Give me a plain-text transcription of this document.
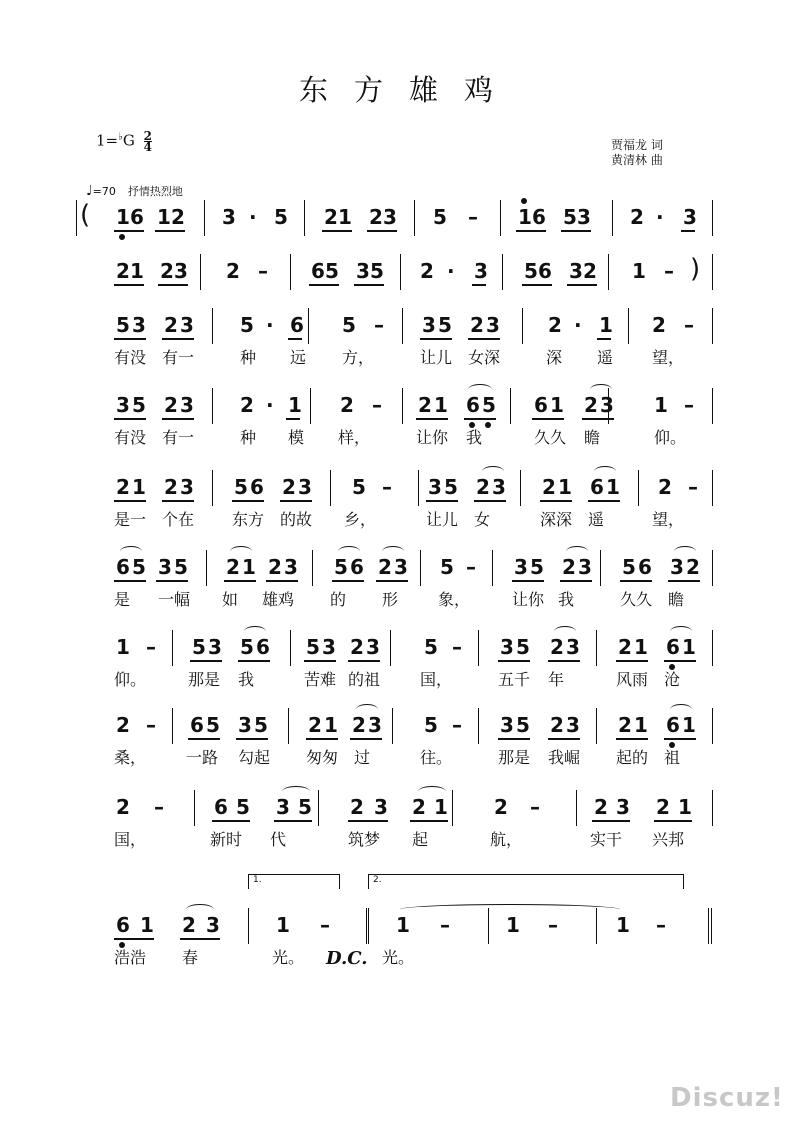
东方雄鸡
$1=^♭G \frac{2}{4}$	贾福龙 词
黄清林 曲
♩=70 抒情热烈地
( 1 6 1 2 3 · 5 2 1 2 3 5 – 1 6 5 3 2 · 3
)
2 1 2 3 2 – 6 5 3 5 2 · 3 5 6 3 2 1 –
5 3 2 3 5 · 6 5 – 3 5 2 3 2 · 1 2 –
有没 有一	种 远 方，	让儿 女深	深 遥 望，
3 5 2 3 2 · 1 2 – 2 1 6 5 6 1 2 3 1 –
有没 有一	种 模 样，	让你 我	久久 瞻	仰。
2 1 2 3 5 6 2 3 5 – 3 5 2 3 2 1 6 1 2 –
是一 个在 东方 的故 乡，	让儿 女	深深 遥	望，
6 5 3 5 2 1 2 3 5 6 2 3 5 – 3 5 2 3 5 6 3 2
是 一幅 如 雄鸡 的 形 象，	让你 我	久久 瞻
1 – 5 3 5 6 5 3 2 3 5 – 3 5 2 3 2 1 6 1
仰。	那是 我	苦难 的祖 国，	五千 年	风雨 沧
2 – 6 5 3 5 2 1 2 3 5 – 3 5 2 3 2 1 6 1
桑， 一路 勾起 匆匆 过	往。	那是 我崛 起的 祖
2 –	6 5 3 5 2 3 2 1 2 –	2 3 2 1
国，	新时 代	筑梦 起	航，	实干 兴邦
6 1 2 3	1 –	1 –	1 –	1 –
浩浩 春	光。	光。
1.	2.
D.C.
Discuz!
